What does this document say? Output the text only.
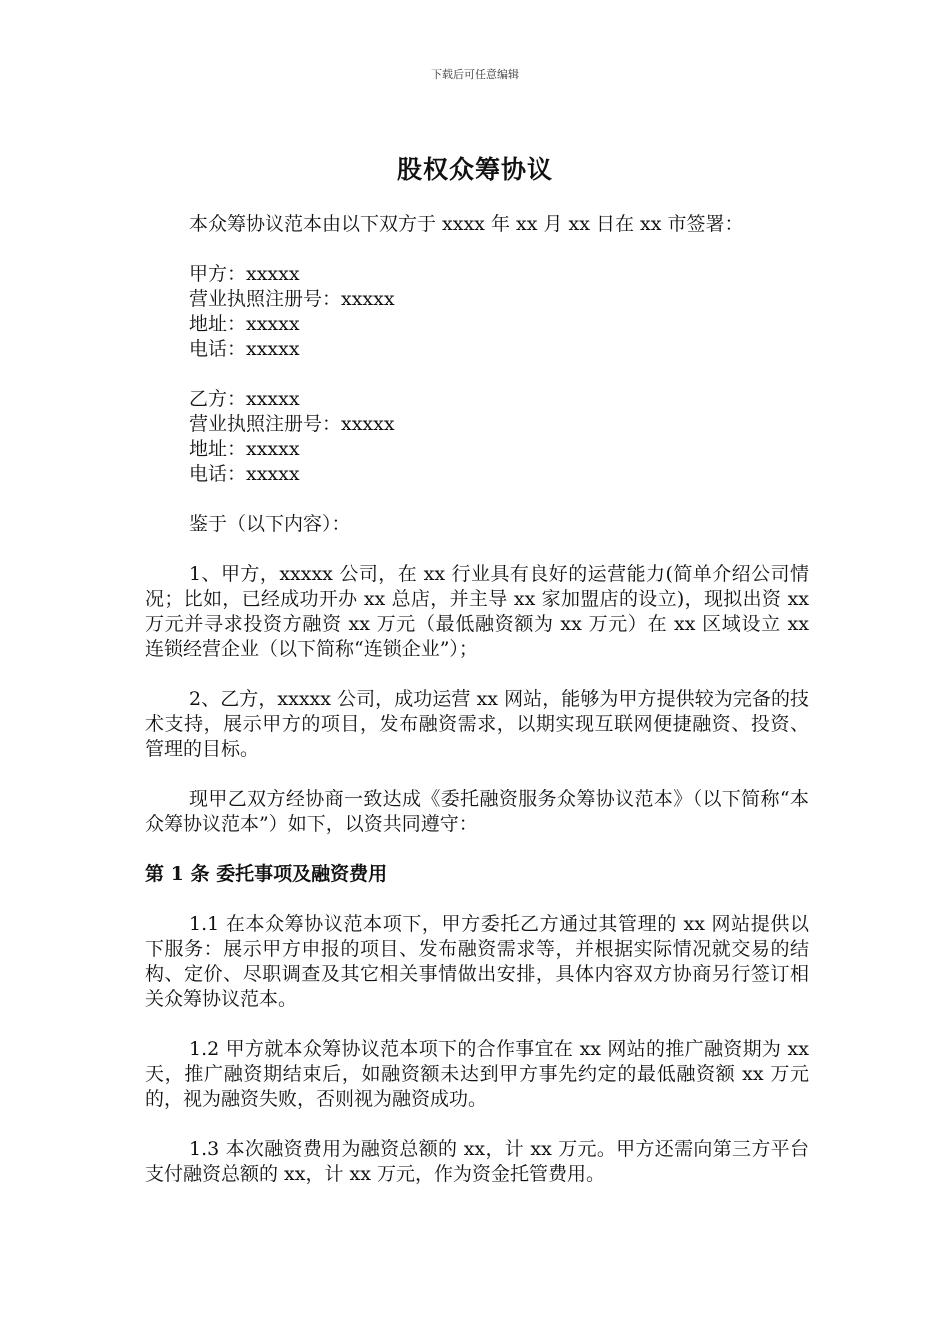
下载后可任意编辑
股权众筹协议

本众筹协议范本由以下双方于 xxxx 年 xx 月 xx 日在 xx 市签署：

甲方：xxxxx
营业执照注册号：xxxxx
地址：xxxxx
电话：xxxxx
乙方：xxxxx
营业执照注册号：xxxxx
地址：xxxxx
电话：xxxxx

鉴于（以下内容）：

1、甲方，xxxxx 公司，在 xx 行业具有良好的运营能力(简单介绍公司情况；比如，已经成功开办 xx 总店，并主导 xx 家加盟店的设立)，现拟出资 xx 万元并寻求投资方融资 xx 万元（最低融资额为 xx 万元）在 xx 区域设立 xx 连锁经营企业（以下简称“连锁企业”）；

2、乙方，xxxxx 公司，成功运营 xx 网站，能够为甲方提供较为完备的技术支持，展示甲方的项目，发布融资需求，以期实现互联网便捷融资、投资、管理的目标。

现甲乙双方经协商一致达成《委托融资服务众筹协议范本》（以下简称“本众筹协议范本”）如下，以资共同遵守：

第 1 条 委托事项及融资费用

1.1 在本众筹协议范本项下，甲方委托乙方通过其管理的 xx 网站提供以下服务：展示甲方申报的项目、发布融资需求等，并根据实际情况就交易的结构、定价、尽职调查及其它相关事情做出安排，具体内容双方协商另行签订相关众筹协议范本。

1.2 甲方就本众筹协议范本项下的合作事宜在 xx 网站的推广融资期为 xx 天，推广融资期结束后，如融资额未达到甲方事先约定的最低融资额 xx 万元的，视为融资失败，否则视为融资成功。

1.3 本次融资费用为融资总额的 xx，计 xx 万元。甲方还需向第三方平台支付融资总额的 xx，计 xx 万元，作为资金托管费用。
